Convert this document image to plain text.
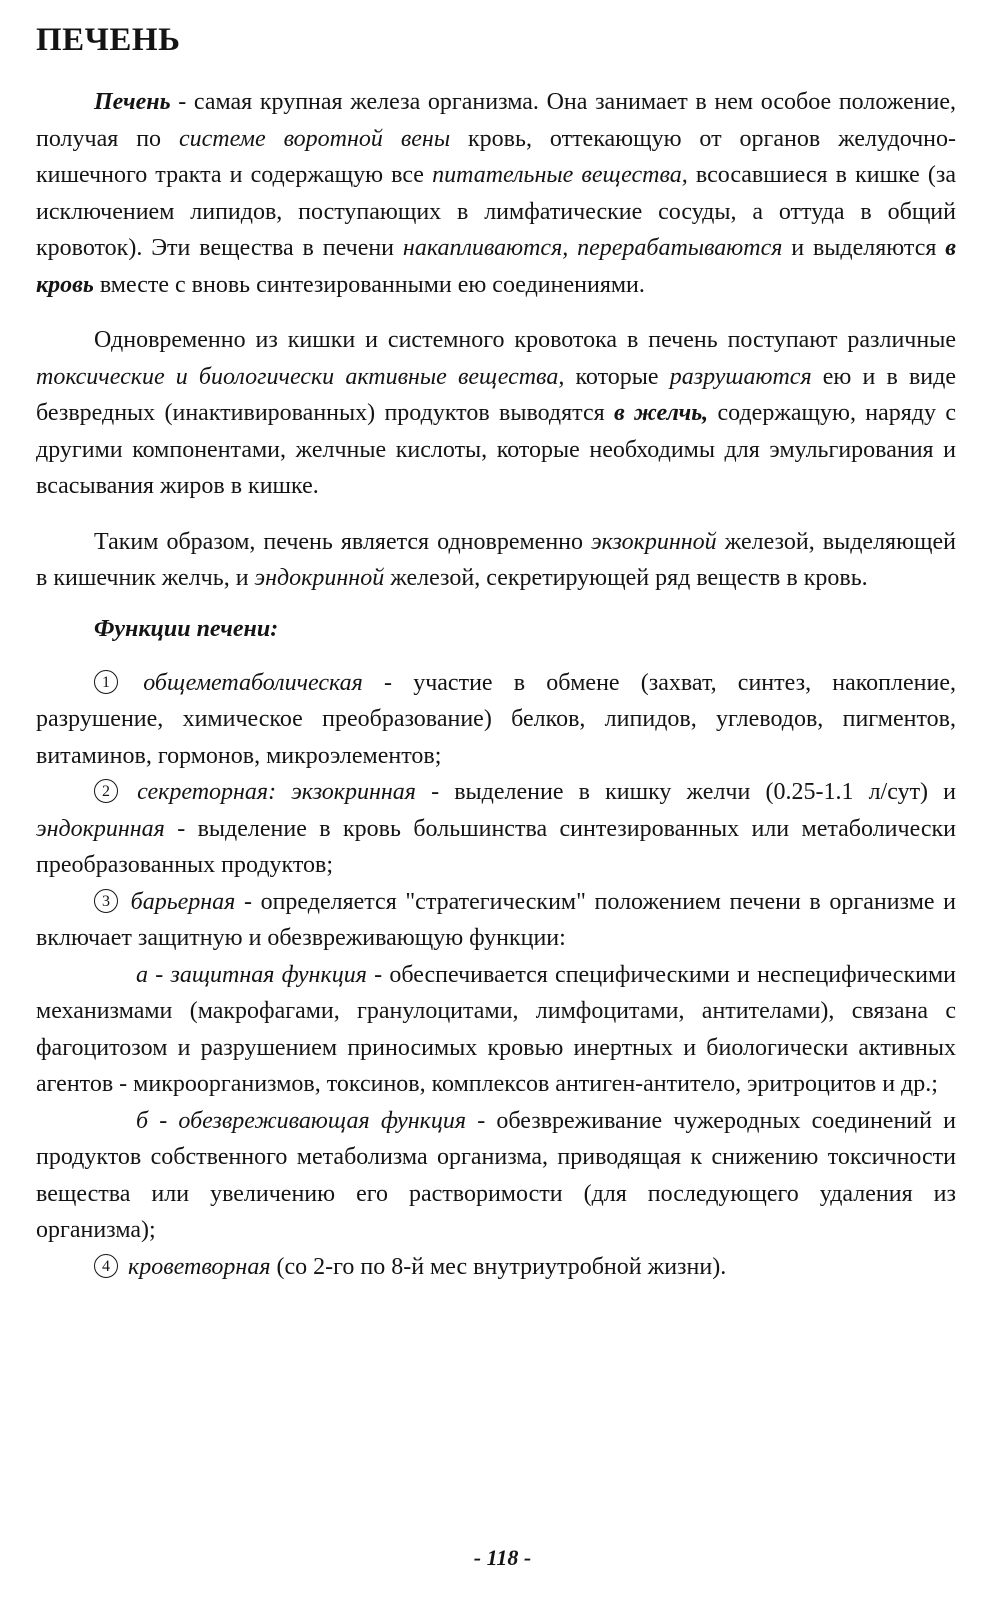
ПЕЧЕНЬ

Печень - самая крупная железа организма. Она занимает в нем особое положение, получая по системе воротной вены кровь, оттекающую от органов желудочно-кишечного тракта и содержащую все питательные вещества, всосавшиеся в кишке (за исключением липидов, поступающих в лимфатические сосуды, а оттуда в общий кровоток). Эти вещества в печени накапливаются, перерабатываются и выделяются в кровь вместе с вновь синтезированными ею соединениями.

Одновременно из кишки и системного кровотока в печень поступают различные токсические и биологически активные вещества, которые разрушаются ею и в виде безвредных (инактивированных) продуктов выводятся в желчь, содержащую, наряду с другими компонентами, желчные кислоты, которые необходимы для эмульгирования и всасывания жиров в кишке.

Таким образом, печень является одновременно экзокринной железой, выделяющей в кишечник желчь, и эндокринной железой, секретирующей ряд веществ в кровь.

Функции печени:

1 общеметаболическая - участие в обмене (захват, синтез, накопление, разрушение, химическое преобразование) белков, липидов, углеводов, пигментов, витаминов, гормонов, микроэлементов;

2 секреторная: экзокринная - выделение в кишку желчи (0.25-1.1 л/сут) и эндокринная - выделение в кровь большинства синтезированных или метаболически преобразованных продуктов;

3 барьерная - определяется "стратегическим" положением печени в организме и включает защитную и обезвреживающую функции:

а - защитная функция - обеспечивается специфическими и неспецифическими механизмами (макрофагами, гранулоцитами, лимфоцитами, антителами), связана с фагоцитозом и разрушением приносимых кровью инертных и биологически активных агентов - микроорганизмов, токсинов, комплексов антиген-антитело, эритроцитов и др.;

б - обезвреживающая функция - обезвреживание чужеродных соединений и продуктов собственного метаболизма организма, приводящая к снижению токсичности вещества или увеличению его растворимости (для последующего удаления из организма);

4 кроветворная (со 2-го по 8-й мес внутриутробной жизни).

- 118 -
